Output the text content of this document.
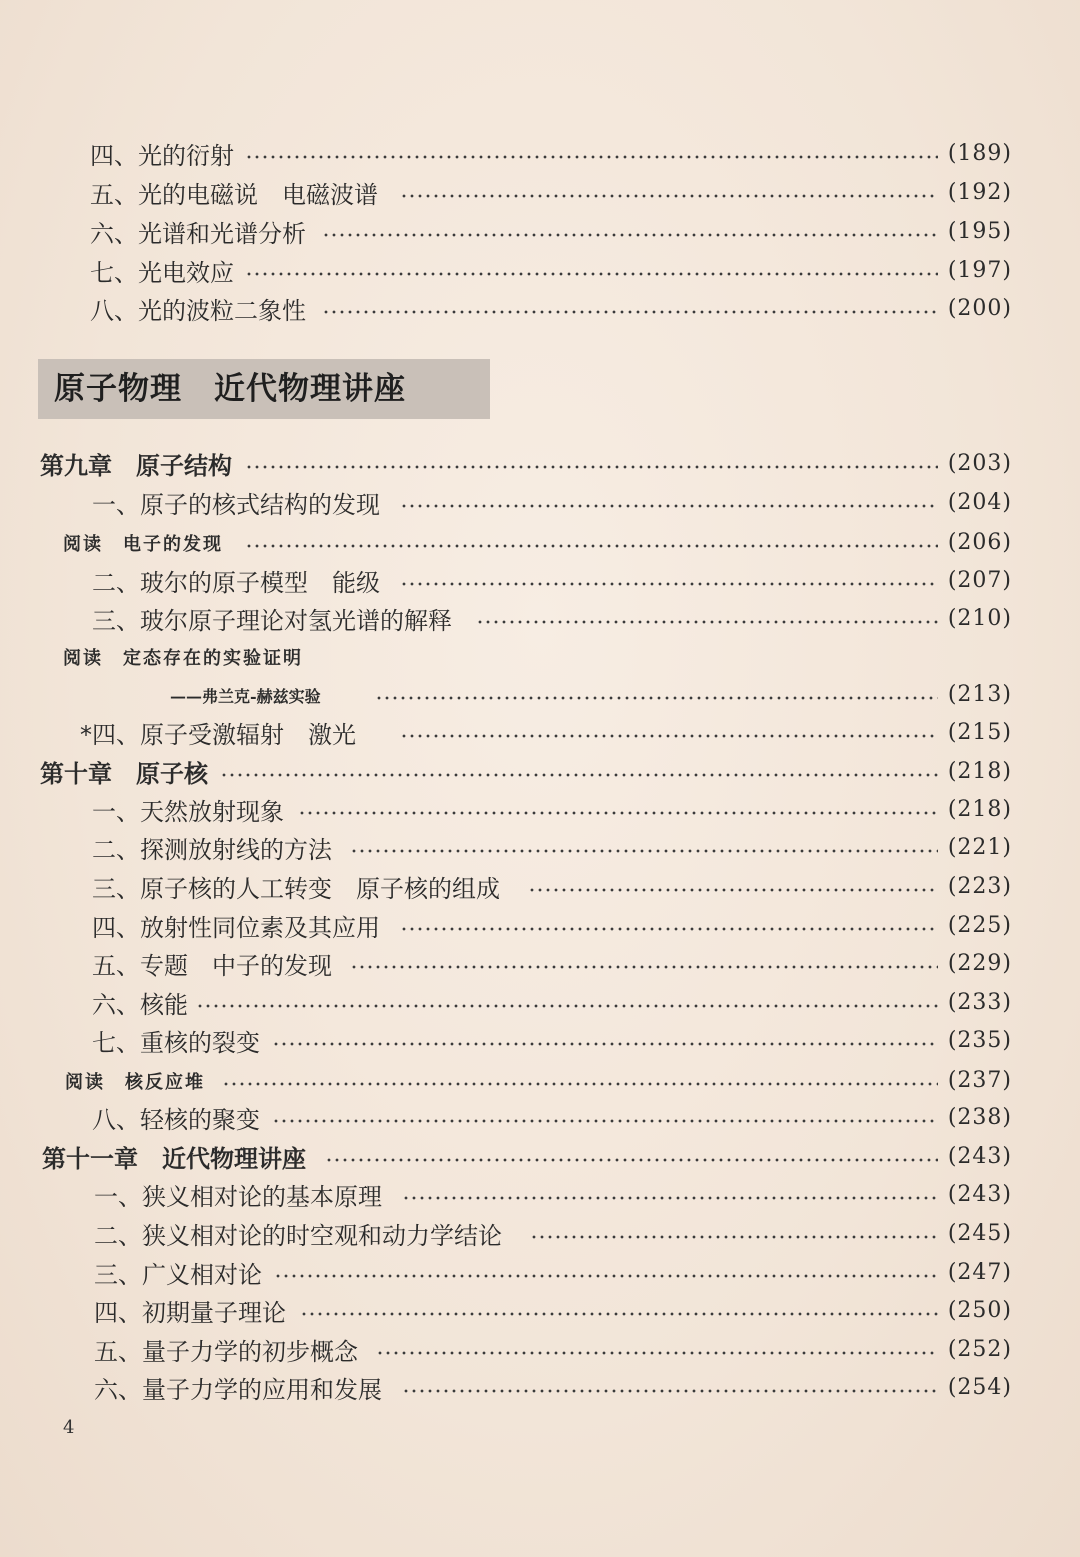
四、光的衍射	(189)
五、光的电磁说　电磁波谱	(192)
六、光谱和光谱分析	(195)
七、光电效应	(197)
八、光的波粒二象性	(200)
原子物理　近代物理讲座
第九章　原子结构	(203)
一、原子的核式结构的发现	(204)
阅读　电子的发现	(206)
二、玻尔的原子模型　能级	(207)
三、玻尔原子理论对氢光谱的解释	(210)
阅读　定态存在的实验证明
——弗兰克-赫兹实验	(213)
*四、原子受激辐射　激光	(215)
第十章　原子核	(218)
一、天然放射现象	(218)
二、探测放射线的方法	(221)
三、原子核的人工转变　原子核的组成	(223)
四、放射性同位素及其应用	(225)
五、专题　中子的发现	(229)
六、核能	(233)
七、重核的裂变	(235)
阅读　核反应堆	(237)
八、轻核的聚变	(238)
第十一章　近代物理讲座	(243)
一、狭义相对论的基本原理	(243)
二、狭义相对论的时空观和动力学结论	(245)
三、广义相对论	(247)
四、初期量子理论	(250)
五、量子力学的初步概念	(252)
六、量子力学的应用和发展	(254)
4
